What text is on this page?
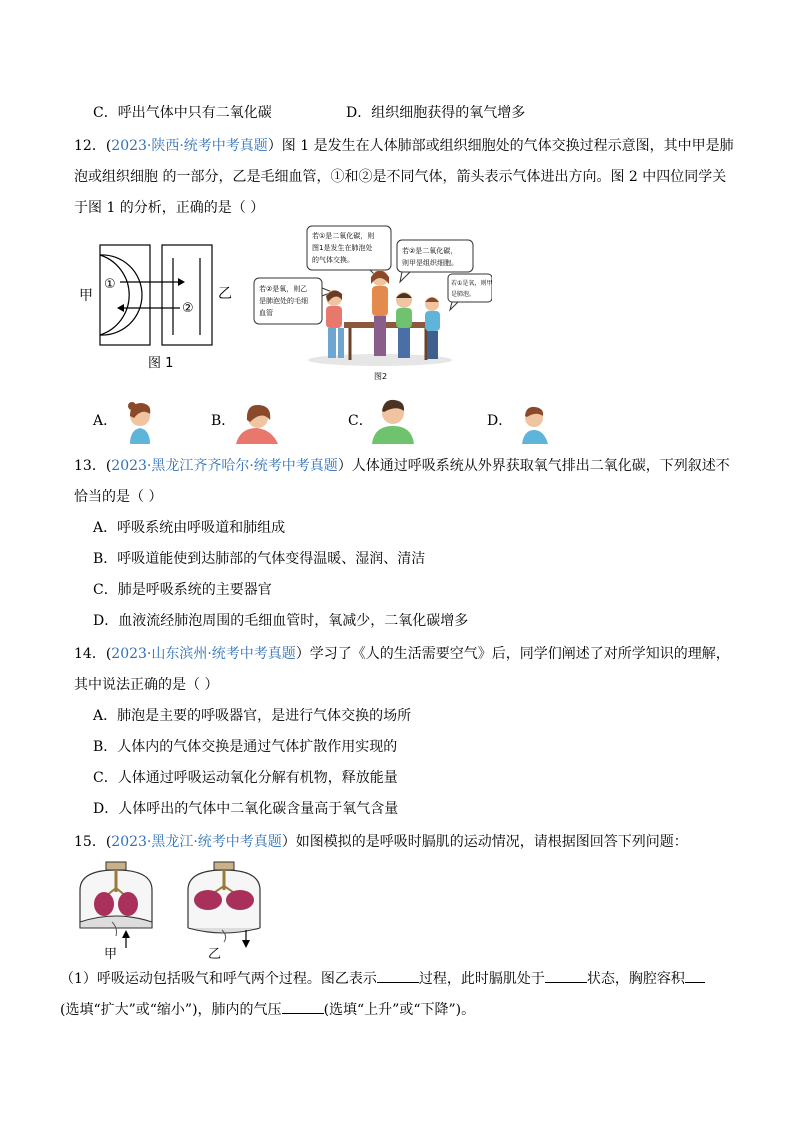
C．呼出气体中只有二氧化碳	D．组织细胞获得的氧气增多
12．(2023·陕西·统考中考真题）图 1 是发生在人体肺部或组织细胞处的气体交换过程示意图，其中甲是肺
泡或组织细胞 的一部分，乙是毛细血管，①和②是不同气体，箭头表示气体进出方向。图 2 中四位同学关
于图 1 的分析，正确的是（ ）
甲	乙
①
②
图 1
若①是二氧化碳，则
图1是发生在肺泡处
的气体交换。
若②是二氧化碳，
则甲是组织细胞。
若②是氧，则乙
是肺泡处的毛细
血管
若①是氧，则甲
是肺泡。
图2
A．	B．	C．	D．
13．(2023·黑龙江齐齐哈尔·统考中考真题）人体通过呼吸系统从外界获取氧气排出二氧化碳，下列叙述不
恰当的是（ ）
A．呼吸系统由呼吸道和肺组成
B．呼吸道能使到达肺部的气体变得温暖、湿润、清洁
C．肺是呼吸系统的主要器官
D．血液流经肺泡周围的毛细血管时，氧减少，二氧化碳增多
14．(2023·山东滨州·统考中考真题）学习了《人的生活需要空气》后，同学们阐述了对所学知识的理解，
其中说法正确的是（ ）
A．肺泡是主要的呼吸器官，是进行气体交换的场所
B．人体内的气体交换是通过气体扩散作用实现的
C．人体通过呼吸运动氧化分解有机物，释放能量
D．人体呼出的气体中二氧化碳含量高于氧气含量
15．(2023·黑龙江·统考中考真题）如图模拟的是呼吸时膈肌的运动情况，请根据图回答下列问题：
甲	乙
（1）呼吸运动包括吸气和呼气两个过程。图乙表示	过程，此时膈肌处于	状态，胸腔容积
(选填“扩大”或“缩小”)，肺内的气压	(选填“上升”或“下降”)。
